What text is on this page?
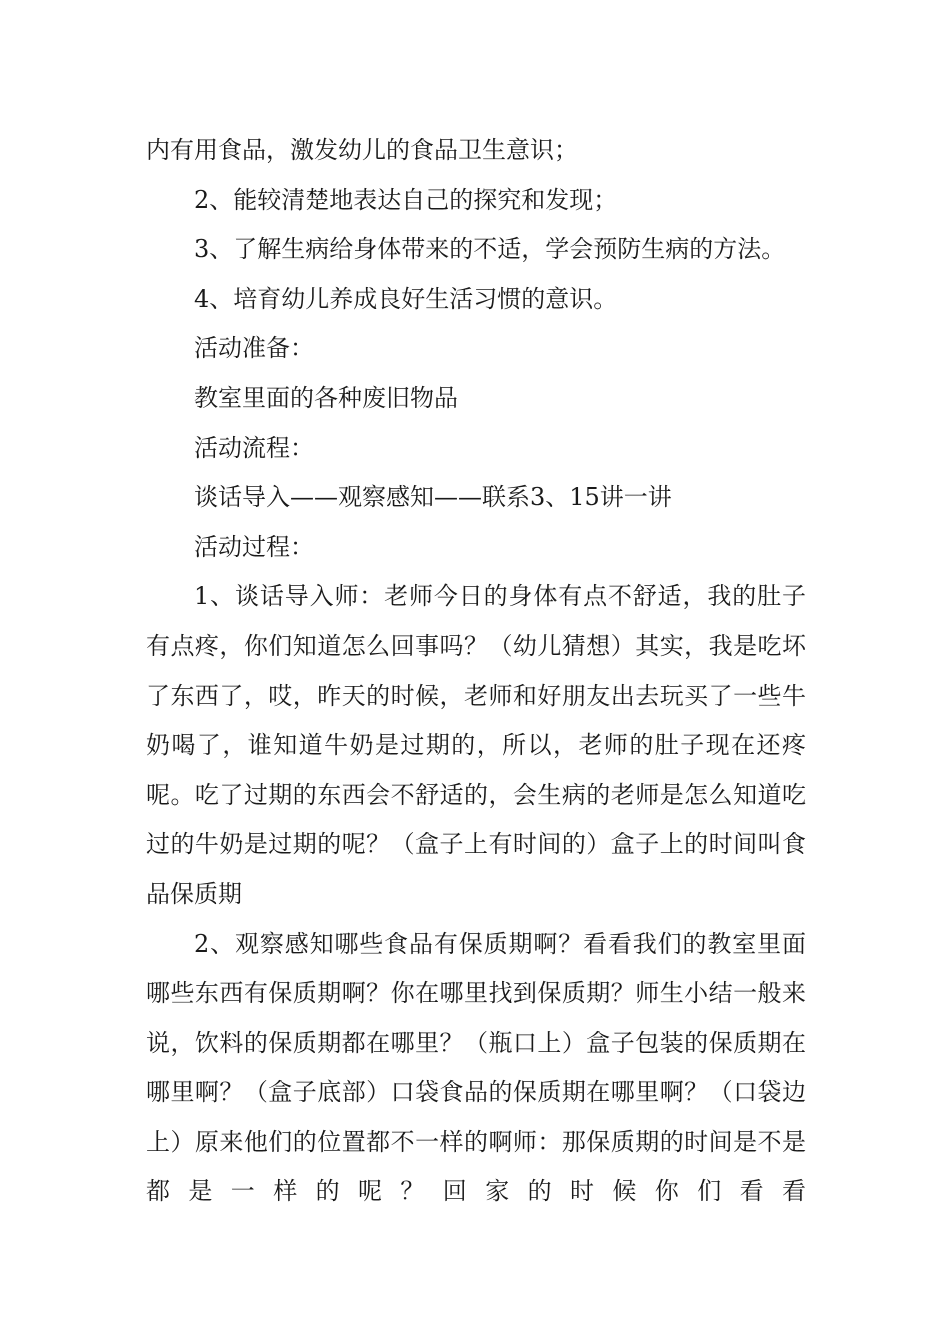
内有用食品，激发幼儿的食品卫生意识；

2、能较清楚地表达自己的探究和发现；

3、了解生病给身体带来的不适，学会预防生病的方法。

4、培育幼儿养成良好生活习惯的意识。

活动准备：

教室里面的各种废旧物品

活动流程：

谈话导入——观察感知——联系3、15讲一讲

活动过程：

1、谈话导入师：老师今日的身体有点不舒适，我的肚子有点疼，你们知道怎么回事吗？（幼儿猜想）其实，我是吃坏了东西了，哎，昨天的时候，老师和好朋友出去玩买了一些牛奶喝了，谁知道牛奶是过期的，所以，老师的肚子现在还疼呢。吃了过期的东西会不舒适的，会生病的老师是怎么知道吃过的牛奶是过期的呢？（盒子上有时间的）盒子上的时间叫食品保质期

2、观察感知哪些食品有保质期啊？看看我们的教室里面哪些东西有保质期啊？你在哪里找到保质期？师生小结一般来说，饮料的保质期都在哪里？（瓶口上）盒子包装的保质期在哪里啊？（盒子底部）口袋食品的保质期在哪里啊？（口袋边上）原来他们的位置都不一样的啊师：那保质期的时间是不是都是一样的呢？回家的时候你们看看
